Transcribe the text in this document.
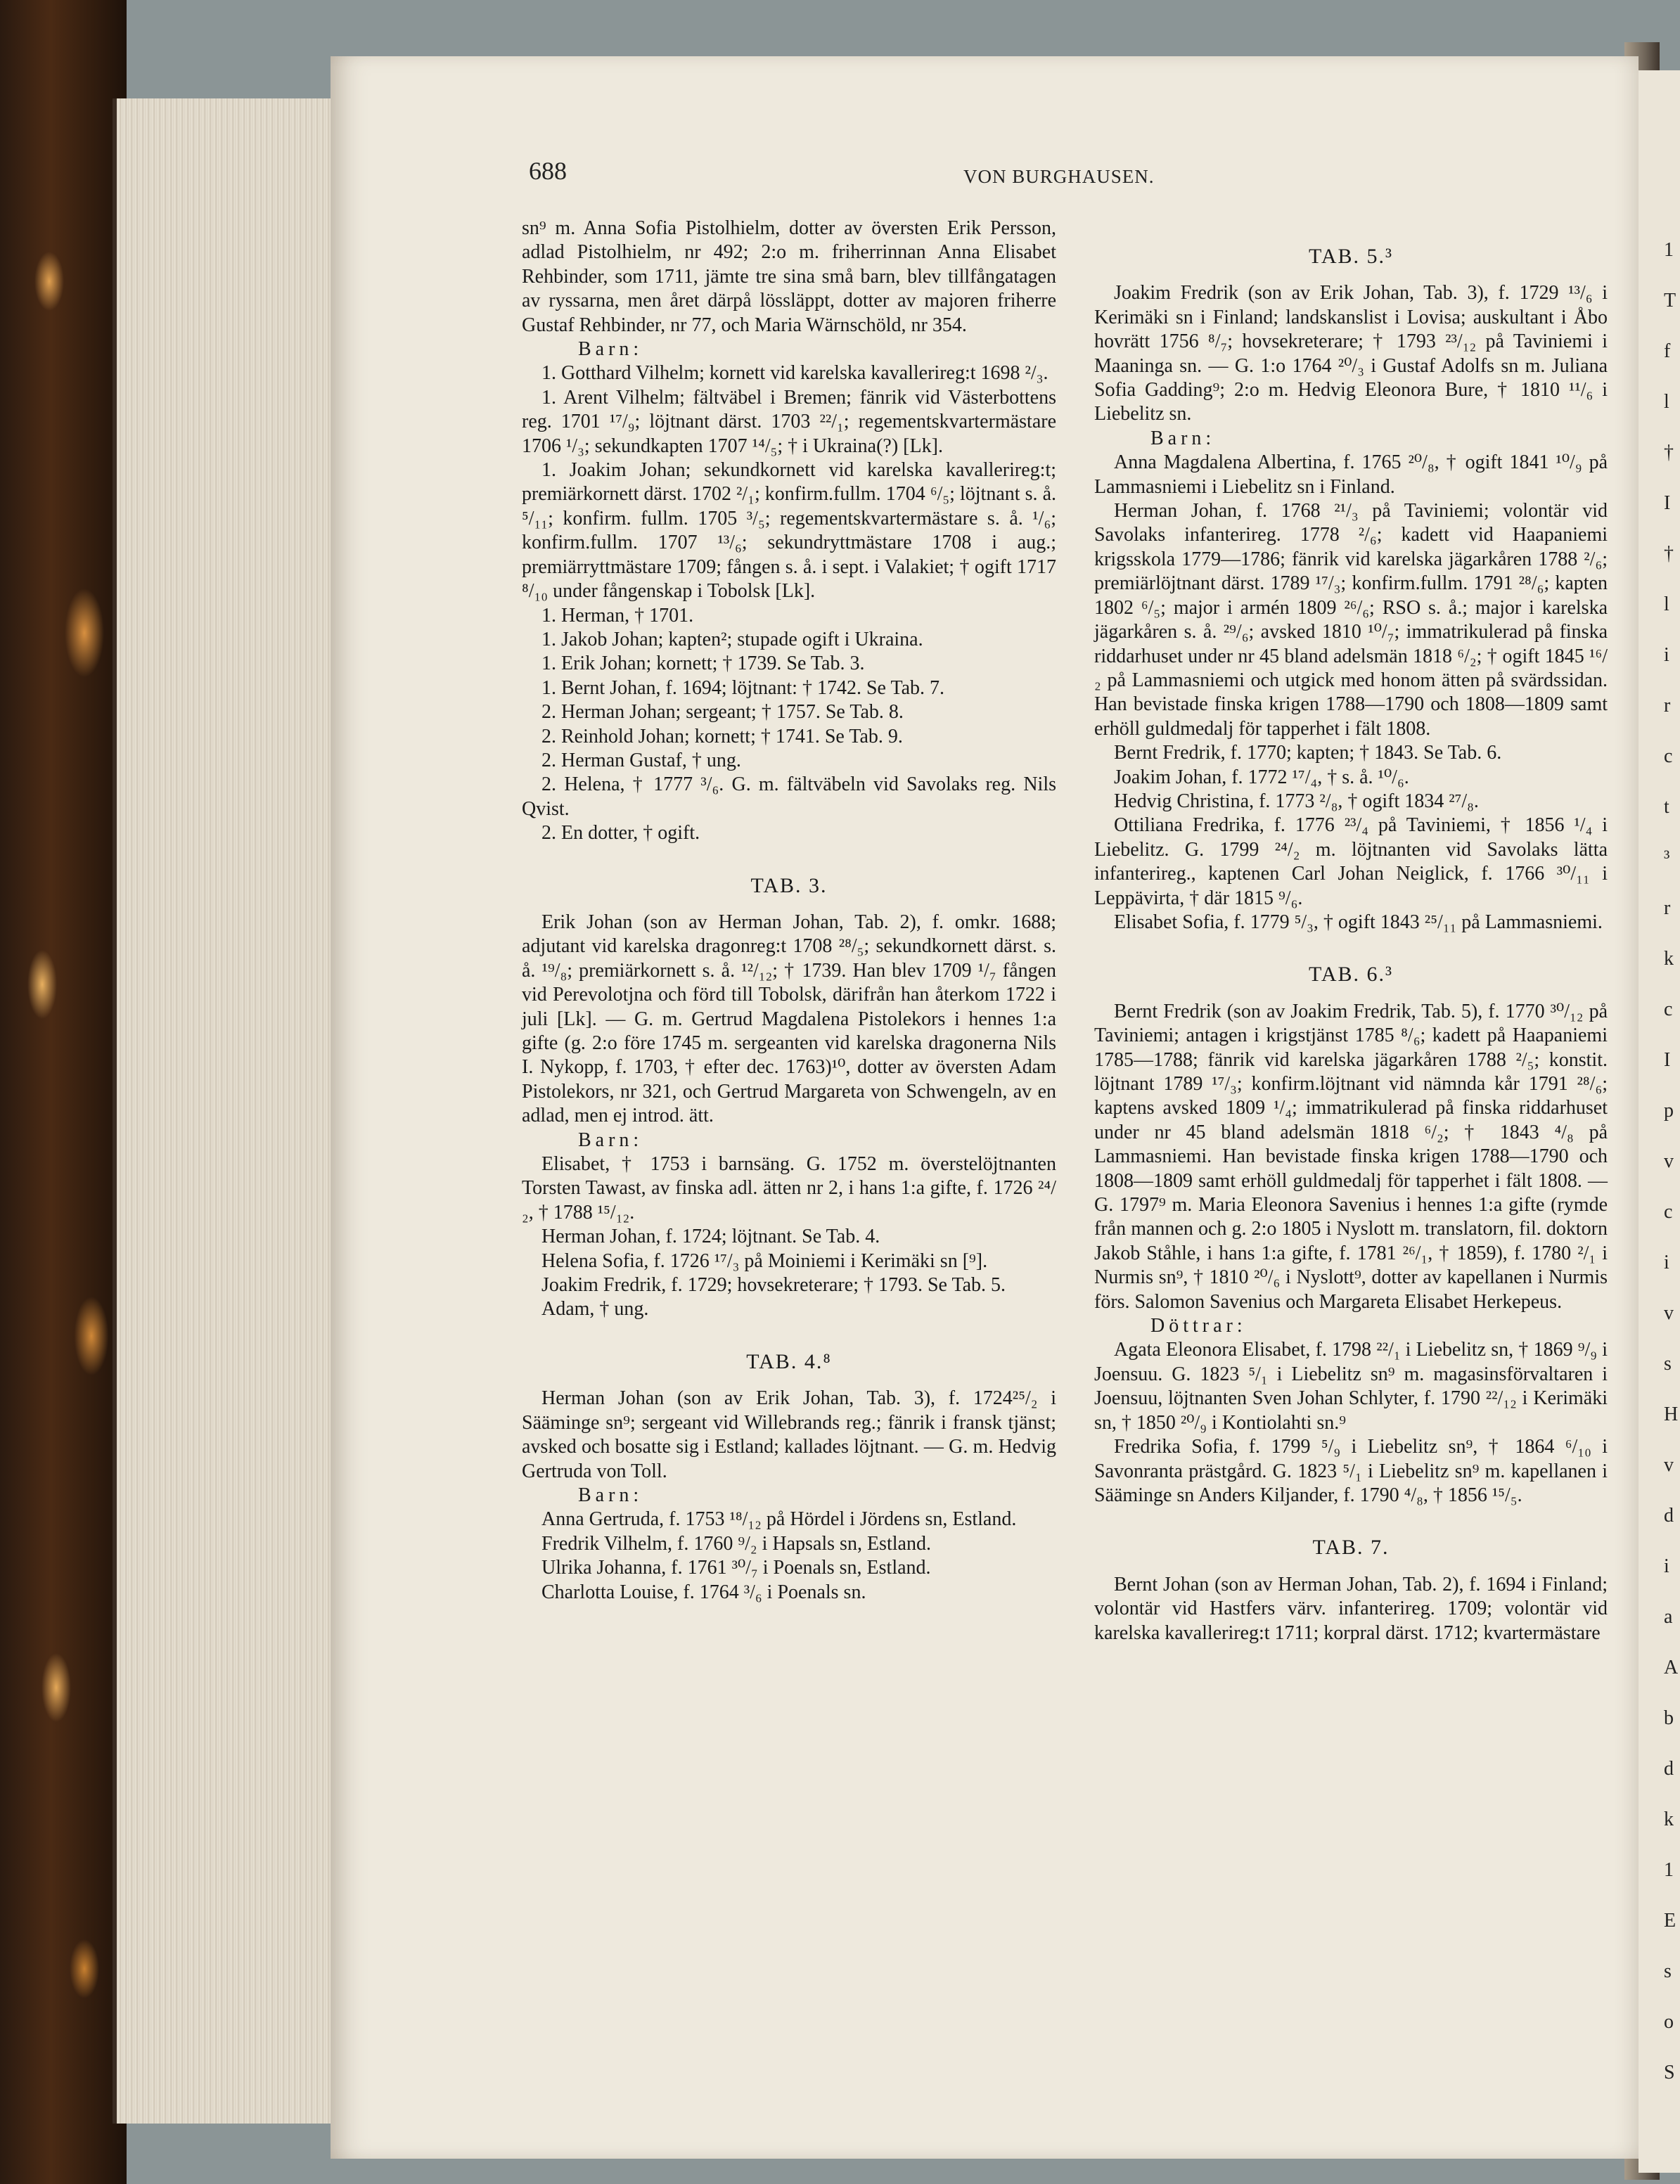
1
T
f
l
†
I
†
l
i
r
c
t
³
r
k
c
I
p
v
c
i
v
s
H
v
d
i
a
A
b
d
k
1
E
s
o
S
688	VON BURGHAUSEN.

sn⁹ m. Anna Sofia Pistolhielm, dotter av översten Erik Persson, adlad Pistolhielm, nr 492; 2:o m. friherrinnan Anna Elisabet Rehbinder, som 1711, jämte tre sina små barn, blev tillfångatagen av ryssarna, men året därpå lössläppt, dotter av majoren friherre Gustaf Rehbinder, nr 77, och Maria Wärnschöld, nr 354.

Barn:

1. Gotthard Vilhelm; kornett vid karelska kavallerireg:t 1698 ²/₃.

1. Arent Vilhelm; fältväbel i Bremen; fänrik vid Västerbottens reg. 1701 ¹⁷/₉; löjtnant därst. 1703 ²²/₁; regementskvartermästare 1706 ¹/₃; sekundkapten 1707 ¹⁴/₅; † i Ukraina(?) [Lk].

1. Joakim Johan; sekundkornett vid karelska kavallerireg:t; premiärkornett därst. 1702 ²/₁; konfirm.fullm. 1704 ⁶/₅; löjtnant s. å. ⁵/₁₁; konfirm. fullm. 1705 ³/₅; regementskvartermästare s. å. ¹/₆; konfirm.fullm. 1707 ¹³/₆; sekundryttmästare 1708 i aug.; premiärryttmästare 1709; fången s. å. i sept. i Valakiet; † ogift 1717 ⁸/₁₀ under fångenskap i Tobolsk [Lk].

1. Herman, † 1701.

1. Jakob Johan; kapten²; stupade ogift i Ukraina.

1. Erik Johan; kornett; † 1739. Se Tab. 3.

1. Bernt Johan, f. 1694; löjtnant: † 1742. Se Tab. 7.

2. Herman Johan; sergeant; † 1757. Se Tab. 8.

2. Reinhold Johan; kornett; † 1741. Se Tab. 9.

2. Herman Gustaf, † ung.

2. Helena, † 1777 ³/₆. G. m. fältväbeln vid Savolaks reg. Nils Qvist.

2. En dotter, † ogift.

TAB. 3.

Erik Johan (son av Herman Johan, Tab. 2), f. omkr. 1688; adjutant vid karelska dragonreg:t 1708 ²⁸/₅; sekundkornett därst. s. å. ¹⁹/₈; premiärkornett s. å. ¹²/₁₂; † 1739. Han blev 1709 ¹/₇ fången vid Perevolotjna och förd till Tobolsk, därifrån han återkom 1722 i juli [Lk]. — G. m. Gertrud Magdalena Pistolekors i hennes 1:a gifte (g. 2:o före 1745 m. sergeanten vid karelska dragonerna Nils I. Nykopp, f. 1703, † efter dec. 1763)¹⁰, dotter av översten Adam Pistolekors, nr 321, och Gertrud Margareta von Schwengeln, av en adlad, men ej introd. ätt.

Barn:

Elisabet, † 1753 i barnsäng. G. 1752 m. överstelöjtnanten Torsten Tawast, av finska adl. ätten nr 2, i hans 1:a gifte, f. 1726 ²⁴/₂, † 1788 ¹⁵/₁₂.

Herman Johan, f. 1724; löjtnant. Se Tab. 4.

Helena Sofia, f. 1726 ¹⁷/₃ på Moiniemi i Kerimäki sn [⁹].

Joakim Fredrik, f. 1729; hovsekreterare; † 1793. Se Tab. 5.

Adam, † ung.

TAB. 4.⁸

Herman Johan (son av Erik Johan, Tab. 3), f. 1724²⁵/₂ i Sääminge sn⁹; sergeant vid Willebrands reg.; fänrik i fransk tjänst; avsked och bosatte sig i Estland; kallades löjtnant. — G. m. Hedvig Gertruda von Toll.

Barn:

Anna Gertruda, f. 1753 ¹⁸/₁₂ på Hördel i Jördens sn, Estland.

Fredrik Vilhelm, f. 1760 ⁹/₂ i Hapsals sn, Estland.

Ulrika Johanna, f. 1761 ³⁰/₇ i Poenals sn, Estland.

Charlotta Louise, f. 1764 ³/₆ i Poenals sn.

TAB. 5.³

Joakim Fredrik (son av Erik Johan, Tab. 3), f. 1729 ¹³/₆ i Kerimäki sn i Finland; landskanslist i Lovisa; auskultant i Åbo hovrätt 1756 ⁸/₇; hovsekreterare; † 1793 ²³/₁₂ på Taviniemi i Maaninga sn. — G. 1:o 1764 ²⁰/₃ i Gustaf Adolfs sn m. Juliana Sofia Gadding⁹; 2:o m. Hedvig Eleonora Bure, † 1810 ¹¹/₆ i Liebelitz sn.

Barn:

Anna Magdalena Albertina, f. 1765 ²⁰/₈, † ogift 1841 ¹⁰/₉ på Lammasniemi i Liebelitz sn i Finland.

Herman Johan, f. 1768 ²¹/₃ på Taviniemi; volontär vid Savolaks infanterireg. 1778 ²/₆; kadett vid Haapaniemi krigsskola 1779—1786; fänrik vid karelska jägarkåren 1788 ²/₆; premiärlöjtnant därst. 1789 ¹⁷/₃; konfirm.fullm. 1791 ²⁸/₆; kapten 1802 ⁶/₅; major i armén 1809 ²⁶/₆; RSO s. å.; major i karelska jägarkåren s. å. ²⁹/₆; avsked 1810 ¹⁰/₇; immatrikulerad på finska riddarhuset under nr 45 bland adelsmän 1818 ⁶/₂; † ogift 1845 ¹⁶/₂ på Lammasniemi och utgick med honom ätten på svärdssidan. Han bevistade finska krigen 1788—1790 och 1808—1809 samt erhöll guldmedalj för tapperhet i fält 1808.

Bernt Fredrik, f. 1770; kapten; † 1843. Se Tab. 6.

Joakim Johan, f. 1772 ¹⁷/₄, † s. å. ¹⁰/₆.

Hedvig Christina, f. 1773 ²/₈, † ogift 1834 ²⁷/₈.

Ottiliana Fredrika, f. 1776 ²³/₄ på Taviniemi, † 1856 ¹/₄ i Liebelitz. G. 1799 ²⁴/₂ m. löjtnanten vid Savolaks lätta infanterireg., kaptenen Carl Johan Neiglick, f. 1766 ³⁰/₁₁ i Leppävirta, † där 1815 ⁹/₆.

Elisabet Sofia, f. 1779 ⁵/₃, † ogift 1843 ²⁵/₁₁ på Lammasniemi.

TAB. 6.³

Bernt Fredrik (son av Joakim Fredrik, Tab. 5), f. 1770 ³⁰/₁₂ på Taviniemi; antagen i krigstjänst 1785 ⁸/₆; kadett på Haapaniemi 1785—1788; fänrik vid karelska jägarkåren 1788 ²/₅; konstit. löjtnant 1789 ¹⁷/₃; konfirm.löjtnant vid nämnda kår 1791 ²⁸/₆; kaptens avsked 1809 ¹/₄; immatrikulerad på finska riddarhuset under nr 45 bland adelsmän 1818 ⁶/₂; † 1843 ⁴/₈ på Lammasniemi. Han bevistade finska krigen 1788—1790 och 1808—1809 samt erhöll guldmedalj för tapperhet i fält 1808. — G. 1797⁹ m. Maria Eleonora Savenius i hennes 1:a gifte (rymde från mannen och g. 2:o 1805 i Nyslott m. translatorn, fil. doktorn Jakob Ståhle, i hans 1:a gifte, f. 1781 ²⁶/₁, † 1859), f. 1780 ²/₁ i Nurmis sn⁹, † 1810 ²⁰/₆ i Nyslott⁹, dotter av kapellanen i Nurmis förs. Salomon Savenius och Margareta Elisabet Herkepeus.

Döttrar:

Agata Eleonora Elisabet, f. 1798 ²²/₁ i Liebelitz sn, † 1869 ⁹/₉ i Joensuu. G. 1823 ⁵/₁ i Liebelitz sn⁹ m. magasinsförvaltaren i Joensuu, löjtnanten Sven Johan Schlyter, f. 1790 ²²/₁₂ i Kerimäki sn, † 1850 ²⁰/₉ i Kontiolahti sn.⁹

Fredrika Sofia, f. 1799 ⁵/₉ i Liebelitz sn⁹, † 1864 ⁶/₁₀ i Savonranta prästgård. G. 1823 ⁵/₁ i Liebelitz sn⁹ m. kapellanen i Sääminge sn Anders Kiljander, f. 1790 ⁴/₈, † 1856 ¹⁵/₅.

TAB. 7.

Bernt Johan (son av Herman Johan, Tab. 2), f. 1694 i Finland; volontär vid Hastfers värv. infanterireg. 1709; volontär vid karelska kavallerireg:t 1711; korpral därst. 1712; kvartermästare
